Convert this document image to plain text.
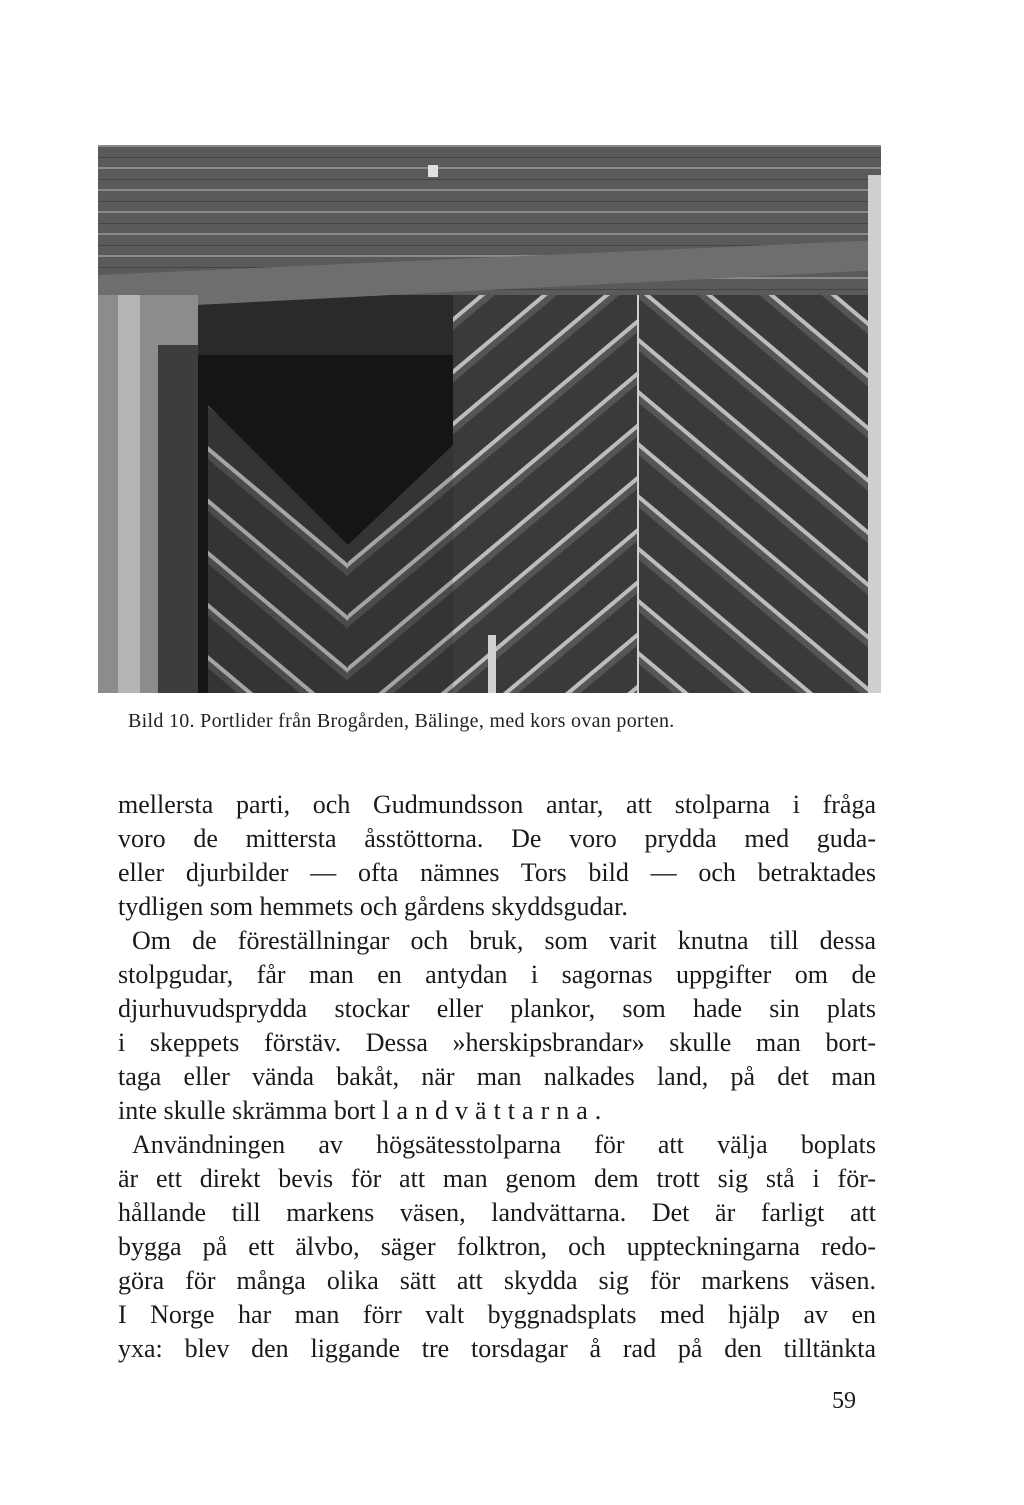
Bild 10. Portlider från Brogården, Bälinge, med kors ovan porten.
mellersta parti, och Gudmundsson antar, att stolparna i fråga
voro de mittersta åsstöttorna. De voro prydda med guda-
eller djurbilder — ofta nämnes Tors bild — och betraktades
tydligen som hemmets och gårdens skyddsgudar.
Om de föreställningar och bruk, som varit knutna till dessa
stolpgudar, får man en antydan i sagornas uppgifter om de
djurhuvudsprydda stockar eller plankor, som hade sin plats
i skeppets förstäv. Dessa »herskipsbrandar» skulle man bort-
taga eller vända bakåt, när man nalkades land, på det man
inte skulle skrämma bort landvättarna.
Användningen av högsätesstolparna för att välja boplats
är ett direkt bevis för att man genom dem trott sig stå i för-
hållande till markens väsen, landvättarna. Det är farligt att
bygga på ett älvbo, säger folktron, och uppteckningarna redo-
göra för många olika sätt att skydda sig för markens väsen.
I Norge har man förr valt byggnadsplats med hjälp av en
yxa: blev den liggande tre torsdagar å rad på den tilltänkta
59
